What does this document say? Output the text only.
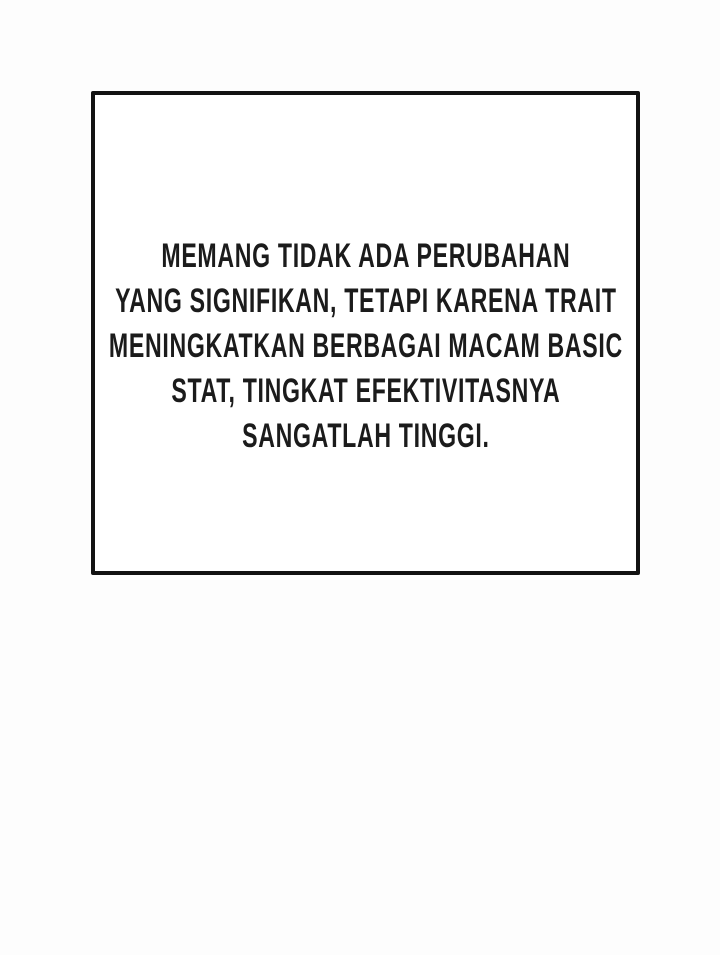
MEMANG TIDAK ADA PERUBAHAN
YANG SIGNIFIKAN, TETAPI KARENA TRAIT
MENINGKATKAN BERBAGAI MACAM BASIC
STAT, TINGKAT EFEKTIVITASNYA
SANGATLAH TINGGI.
